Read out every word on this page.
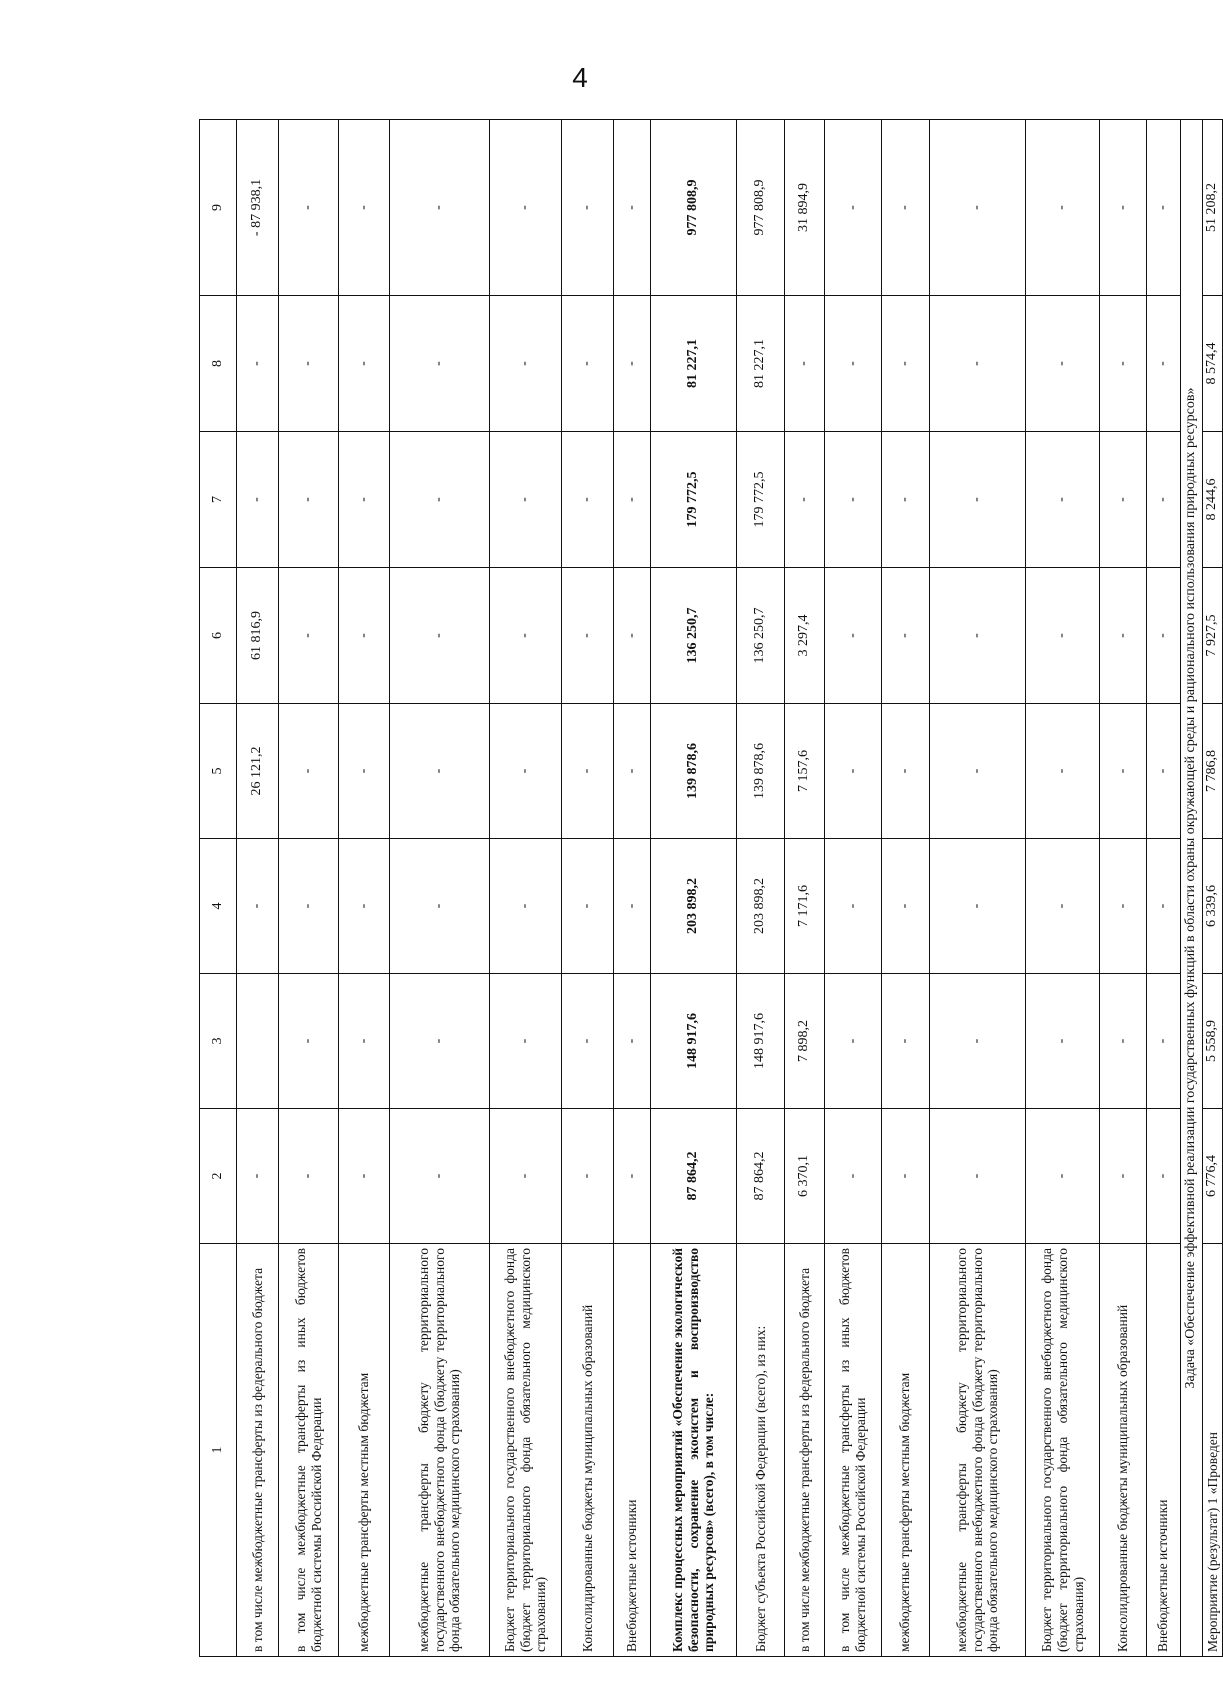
4
1	2	3	4	5	6	7	8	9
в том числе межбюджетные трансферты из федерального бюджета	-		-	26 121,2	61 816,9	-	-	- 87 938,1
в том числе межбюджетные трансферты из иных бюджетов бюджетной системы Российской Федерации	-	-	-	-	-	-	-	-
межбюджетные трансферты местным бюджетам	-	-	-	-	-	-	-	-
межбюджетные трансферты бюджету территориального государственного внебюджетного фонда (бюджету территориального фонда обязательного медицинского страхования)	-	-	-	-	-	-	-	-
Бюджет территориального государственного внебюджетного фонда (бюджет территориального фонда обязательного медицинского страхования)	-	-	-	-	-	-	-	-
Консолидированные бюджеты муниципальных образований	-	-	-	-	-	-	-	-
Внебюджетные источники	-	-	-	-	-	-	-	-
Комплекс процессных мероприятий «Обеспечение экологической безопасности, сохранение экосистем и воспроизводство природных ресурсов» (всего), в том числе:	87 864,2	148 917,6	203 898,2	139 878,6	136 250,7	179 772,5	81 227,1	977 808,9
Бюджет субъекта Российской Федерации (всего), из них:	87 864,2	148 917,6	203 898,2	139 878,6	136 250,7	179 772,5	81 227,1	977 808,9
в том числе межбюджетные трансферты из федерального бюджета	6 370,1	7 898,2	7 171,6	7 157,6	3 297,4	-	-	31 894,9
в том числе межбюджетные трансферты из иных бюджетов бюджетной системы Российской Федерации	-	-	-	-	-	-	-	-
межбюджетные трансферты местным бюджетам	-	-	-	-	-	-	-	-
межбюджетные трансферты бюджету территориального государственного внебюджетного фонда (бюджету территориального фонда обязательного медицинского страхования)	-	-	-	-	-	-	-	-
Бюджет территориального государственного внебюджетного фонда (бюджет территориального фонда обязательного медицинского страхования)	-	-	-	-	-	-	-	-
Консолидированные бюджеты муниципальных образований	-	-	-	-	-	-	-	-
Внебюджетные источники	-	-	-	-	-	-	-	-
Задача «Обеспечение эффективной реализации государственных функций в области охраны окружающей среды и рационального использования природных ресурсов»								
Мероприятие (результат) 1 «Проведен	6 776,4	5 558,9	6 339,6	7 786,8	7 927,5	8 244,6	8 574,4	51 208,2
